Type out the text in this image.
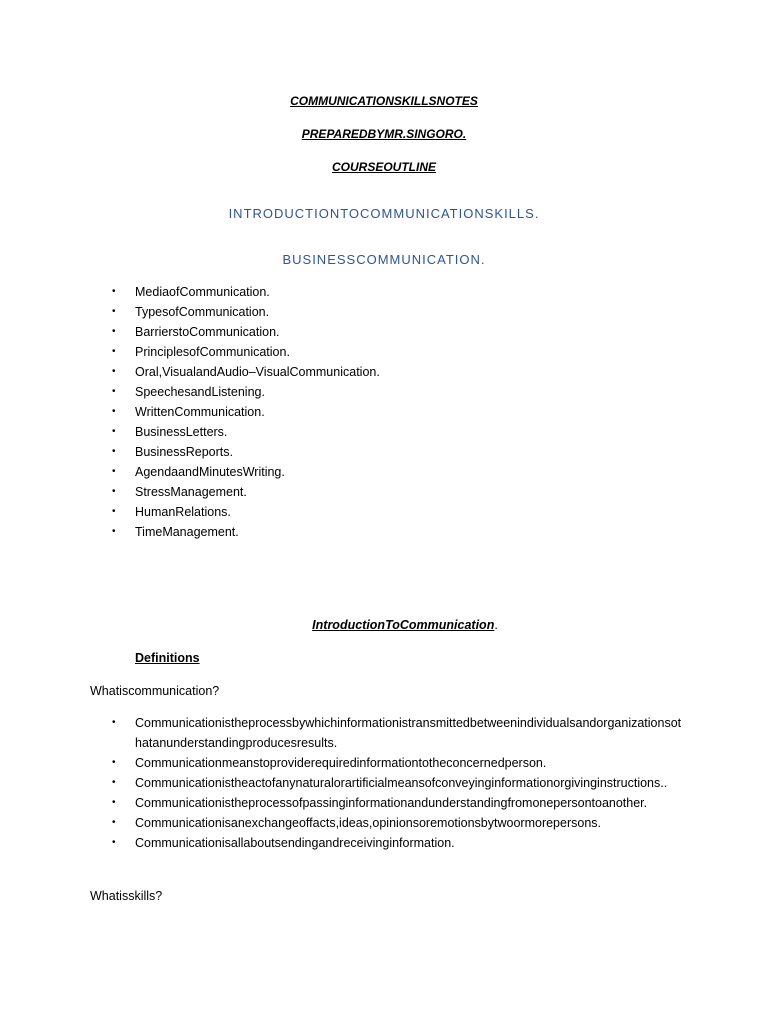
COMMUNICATIONSKILLSNOTES
PREPAREDBYMR.SINGORO.
COURSEOUTLINE
INTRODUCTIONTOCOMMUNICATIONSKILLS.
BUSINESSCOMMUNICATION.
• MediaofCommunication.
• TypesofCommunication.
• BarrierstoCommunication.
• PrinciplesofCommunication.
• Oral,VisualandAudio–VisualCommunication.
• SpeechesandListening.
• WrittenCommunication.
• BusinessLetters.
• BusinessReports.
• AgendaandMinutesWriting.
• StressManagement.
• HumanRelations.
• TimeManagement.
IntroductionToCommunication.
Definitions
Whatiscommunication?
• Communicationistheprocessbywhichinformationistransmittedbetweenindividualsandorganizationsothatanunderstandingproducesresults.
• Communicationmeanstoproviderequiredinformationtotheconcernedperson.
• Communicationistheactofanynaturalorartificialmeansofconveyinginformationorgivinginstructions..
• Communicationistheprocessofpassinginformationandunderstandingfromonepersontoanother.
• Communicationisanexchangeoffacts,ideas,opinionsoremotionsbytwoormorepersons.
• Communicationisallaboutsendingandreceivinginformation.
Whatisskills?
